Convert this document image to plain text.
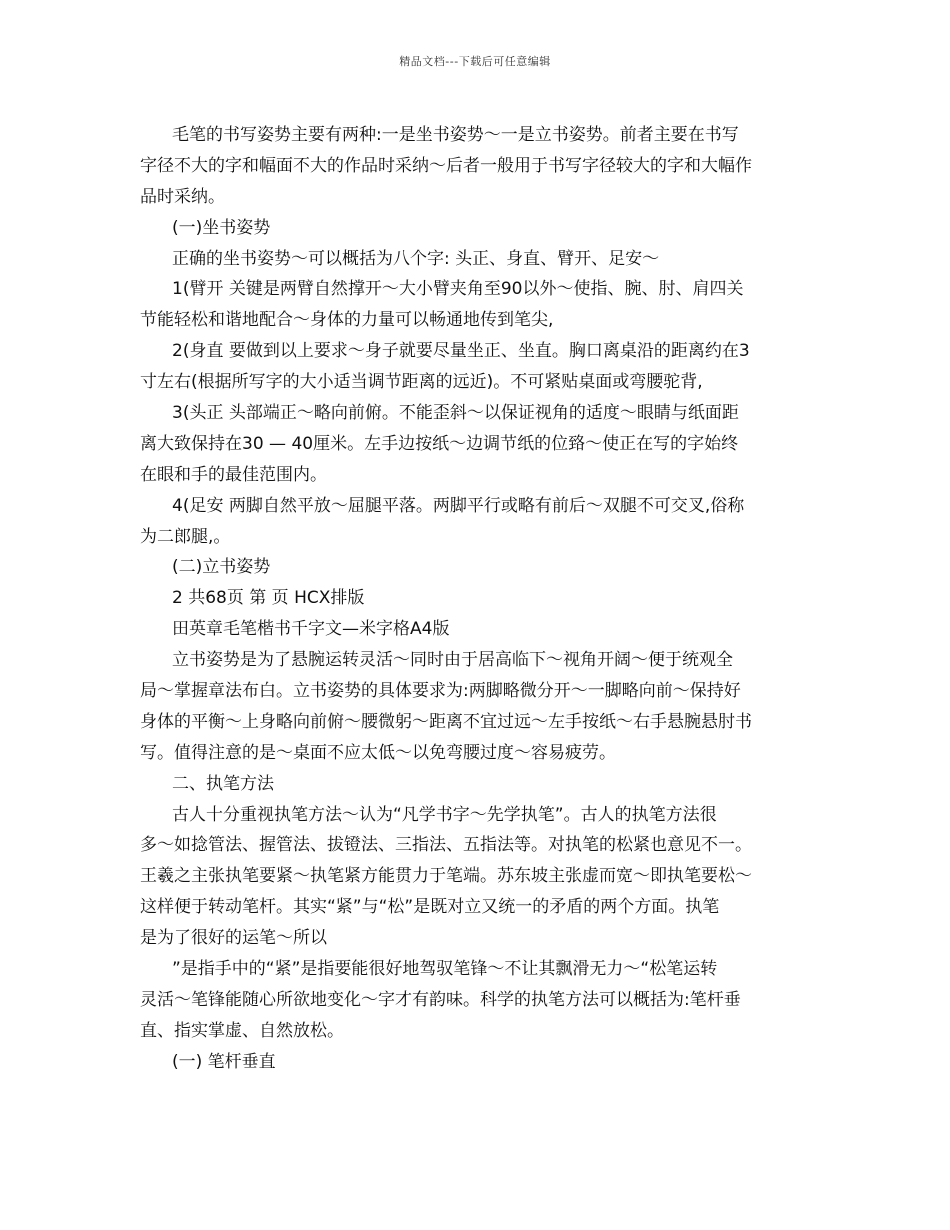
精品文档---下载后可任意编辑
毛笔的书写姿势主要有两种:一是坐书姿势～一是立书姿势。前者主要在书写
字径不大的字和幅面不大的作品时采纳～后者一般用于书写字径较大的字和大幅作
品时采纳。
(一)坐书姿势
正确的坐书姿势～可以概括为八个字: 头正、身直、臂开、足安～
1(臂开 关键是两臂自然撑开～大小臂夹角至90以外～使指、腕、肘、肩四关
节能轻松和谐地配合～身体的力量可以畅通地传到笔尖,
2(身直 要做到以上要求～身子就要尽量坐正、坐直。胸口离桌沿的距离约在3
寸左右(根据所写字的大小适当调节距离的远近)。不可紧贴桌面或弯腰驼背,
3(头正 头部端正～略向前俯。不能歪斜～以保证视角的适度～眼睛与纸面距
离大致保持在30 — 40厘米。左手边按纸～边调节纸的位臵～使正在写的字始终
在眼和手的最佳范围内。
4(足安 两脚自然平放～屈腿平落。两脚平行或略有前后～双腿不可交叉,俗称
为二郎腿,。
(二)立书姿势
2 共68页 第 页 HCX排版
田英章毛笔楷书千字文—米字格A4版
立书姿势是为了悬腕运转灵活～同时由于居高临下～视角开阔～便于统观全
局～掌握章法布白。立书姿势的具体要求为:两脚略微分开～一脚略向前～保持好
身体的平衡～上身略向前俯～腰微躬～距离不宜过远～左手按纸～右手悬腕悬肘书
写。值得注意的是～桌面不应太低～以免弯腰过度～容易疲劳。
二、执笔方法
古人十分重视执笔方法～认为“凡学书字～先学执笔”。古人的执笔方法很
多～如捻管法、握管法、拔镫法、三指法、五指法等。对执笔的松紧也意见不一。
王羲之主张执笔要紧～执笔紧方能贯力于笔端。苏东坡主张虚而宽～即执笔要松～
这样便于转动笔杆。其实“紧”与“松”是既对立又统一的矛盾的两个方面。执笔
是为了很好的运笔～所以
”是指手中的“紧”是指要能很好地驾驭笔锋～不让其飘滑无力～“松笔运转
灵活～笔锋能随心所欲地变化～字才有韵味。科学的执笔方法可以概括为:笔杆垂
直、指实掌虚、自然放松。
(一) 笔杆垂直
